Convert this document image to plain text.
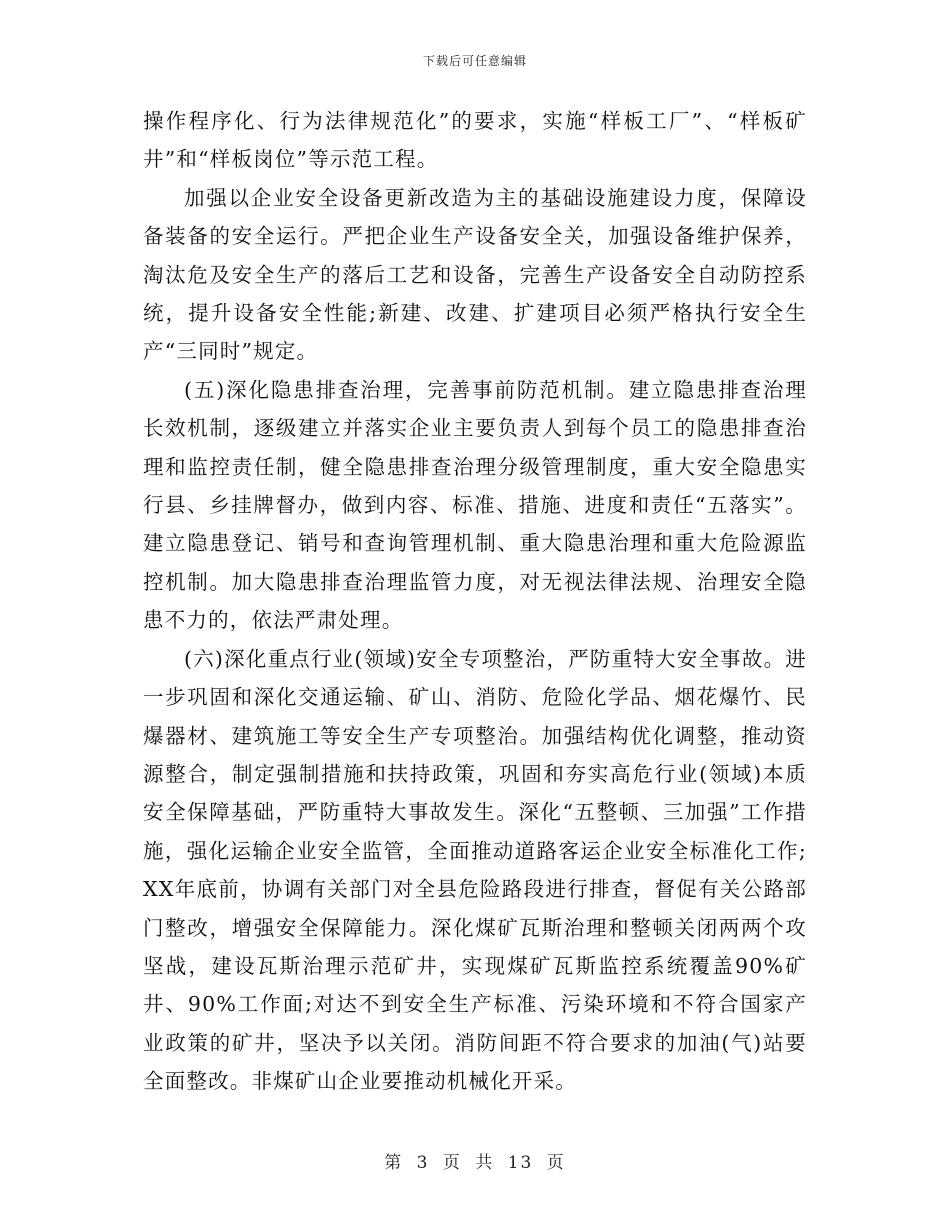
下载后可任意编辑

操作程序化、行为法律规范化”的要求，实施“样板工厂”、“样板矿井”和“样板岗位”等示范工程。

加强以企业安全设备更新改造为主的基础设施建设力度，保障设备装备的安全运行。严把企业生产设备安全关，加强设备维护保养，淘汰危及安全生产的落后工艺和设备，完善生产设备安全自动防控系统，提升设备安全性能;新建、改建、扩建项目必须严格执行安全生产“三同时”规定。

(五)深化隐患排查治理，完善事前防范机制。建立隐患排查治理长效机制，逐级建立并落实企业主要负责人到每个员工的隐患排查治理和监控责任制，健全隐患排查治理分级管理制度，重大安全隐患实行县、乡挂牌督办，做到内容、标准、措施、进度和责任“五落实”。建立隐患登记、销号和查询管理机制、重大隐患治理和重大危险源监控机制。加大隐患排查治理监管力度，对无视法律法规、治理安全隐患不力的，依法严肃处理。

(六)深化重点行业(领域)安全专项整治，严防重特大安全事故。进一步巩固和深化交通运输、矿山、消防、危险化学品、烟花爆竹、民爆器材、建筑施工等安全生产专项整治。加强结构优化调整，推动资源整合，制定强制措施和扶持政策，巩固和夯实高危行业(领域)本质安全保障基础，严防重特大事故发生。深化“五整顿、三加强”工作措施，强化运输企业安全监管，全面推动道路客运企业安全标准化工作;XX年底前，协调有关部门对全县危险路段进行排查，督促有关公路部门整改，增强安全保障能力。深化煤矿瓦斯治理和整顿关闭两两个攻坚战，建设瓦斯治理示范矿井，实现煤矿瓦斯监控系统覆盖90%矿井、90%工作面;对达不到安全生产标准、污染环境和不符合国家产业政策的矿井，坚决予以关闭。消防间距不符合要求的加油(气)站要全面整改。非煤矿山企业要推动机械化开采。

第 3 页 共 13 页
